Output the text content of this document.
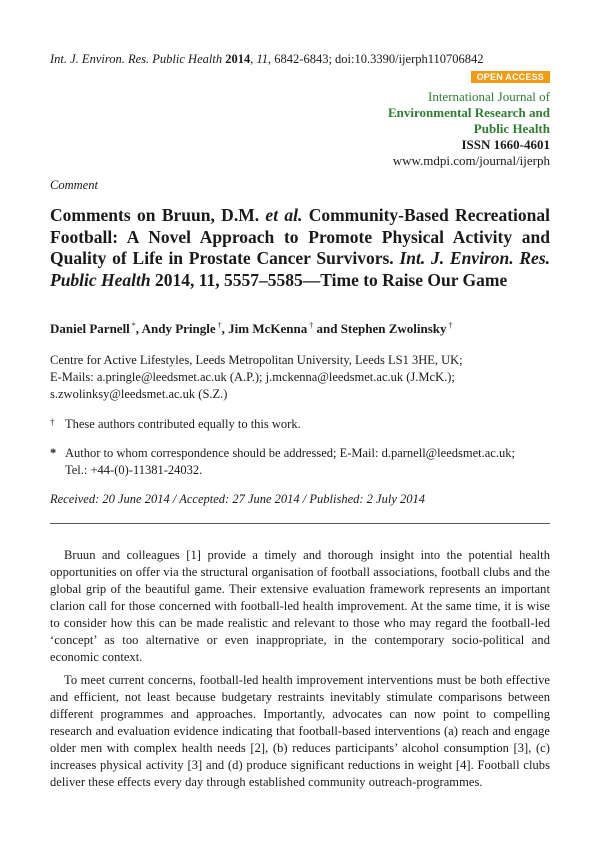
Int. J. Environ. Res. Public Health 2014, 11, 6842-6843; doi:10.3390/ijerph110706842
OPEN ACCESS
International Journal of
Environmental Research and
Public Health
ISSN 1660-4601
www.mdpi.com/journal/ijerph
Comment
Comments on Bruun, D.M. et al. Community-Based Recreational Football: A Novel Approach to Promote Physical Activity and Quality of Life in Prostate Cancer Survivors. Int. J. Environ. Res. Public Health 2014, 11, 5557–5585—Time to Raise Our Game
Daniel Parnell *, Andy Pringle †, Jim McKenna † and Stephen Zwolinsky †
Centre for Active Lifestyles, Leeds Metropolitan University, Leeds LS1 3HE, UK;
E-Mails: a.pringle@leedsmet.ac.uk (A.P.); j.mckenna@leedsmet.ac.uk (J.McK.);
s.zwolinksy@leedsmet.ac.uk (S.Z.)
† These authors contributed equally to this work.
* Author to whom correspondence should be addressed; E-Mail: d.parnell@leedsmet.ac.uk;
Tel.: +44-(0)-11381-24032.
Received: 20 June 2014 / Accepted: 27 June 2014 / Published: 2 July 2014

Bruun and colleagues [1] provide a timely and thorough insight into the potential health opportunities on offer via the structural organisation of football associations, football clubs and the global grip of the beautiful game. Their extensive evaluation framework represents an important clarion call for those concerned with football-led health improvement. At the same time, it is wise to consider how this can be made realistic and relevant to those who may regard the football-led ‘concept’ as too alternative or even inappropriate, in the contemporary socio-political and economic context.

To meet current concerns, football-led health improvement interventions must be both effective and efficient, not least because budgetary restraints inevitably stimulate comparisons between different programmes and approaches. Importantly, advocates can now point to compelling research and evaluation evidence indicating that football-based interventions (a) reach and engage older men with complex health needs [2], (b) reduces participants’ alcohol consumption [3], (c) increases physical activity [3] and (d) produce significant reductions in weight [4]. Football clubs deliver these effects every day through established community outreach-programmes.
